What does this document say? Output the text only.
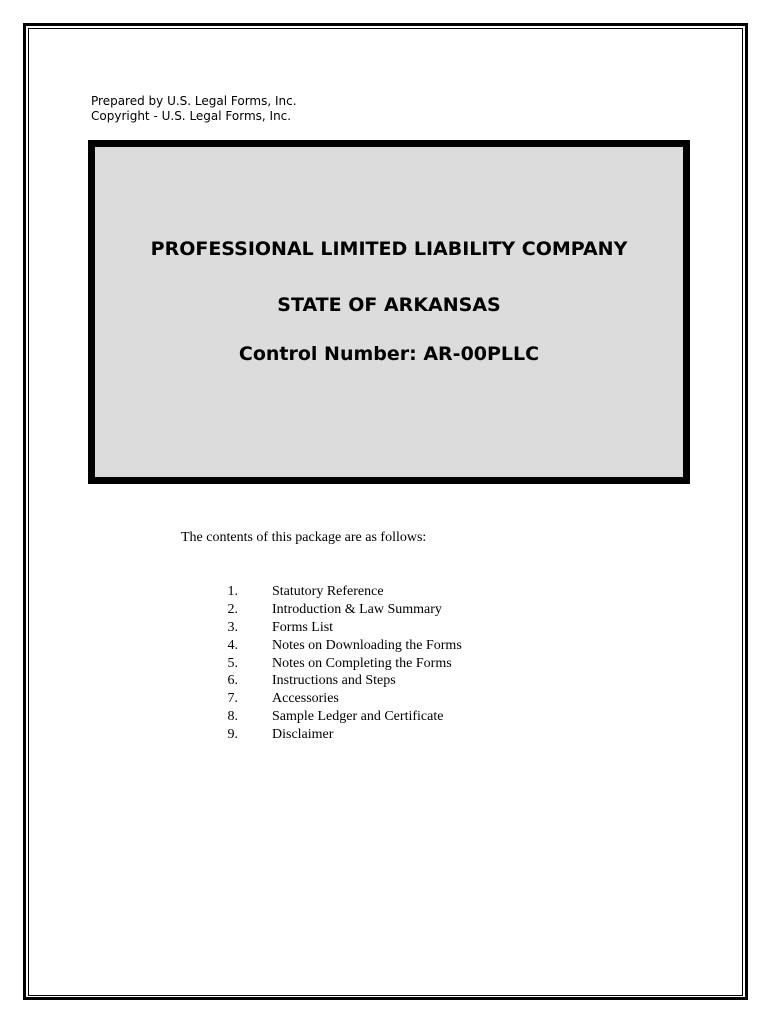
Prepared by U.S. Legal Forms, Inc.
Copyright - U.S. Legal Forms, Inc.
PROFESSIONAL LIMITED LIABILITY COMPANY
STATE OF ARKANSAS
Control Number: AR-00PLLC
The contents of this package are as follows:
1. Statutory Reference
2. Introduction & Law Summary
3. Forms List
4. Notes on Downloading the Forms
5. Notes on Completing the Forms
6. Instructions and Steps
7. Accessories
8. Sample Ledger and Certificate
9. Disclaimer
